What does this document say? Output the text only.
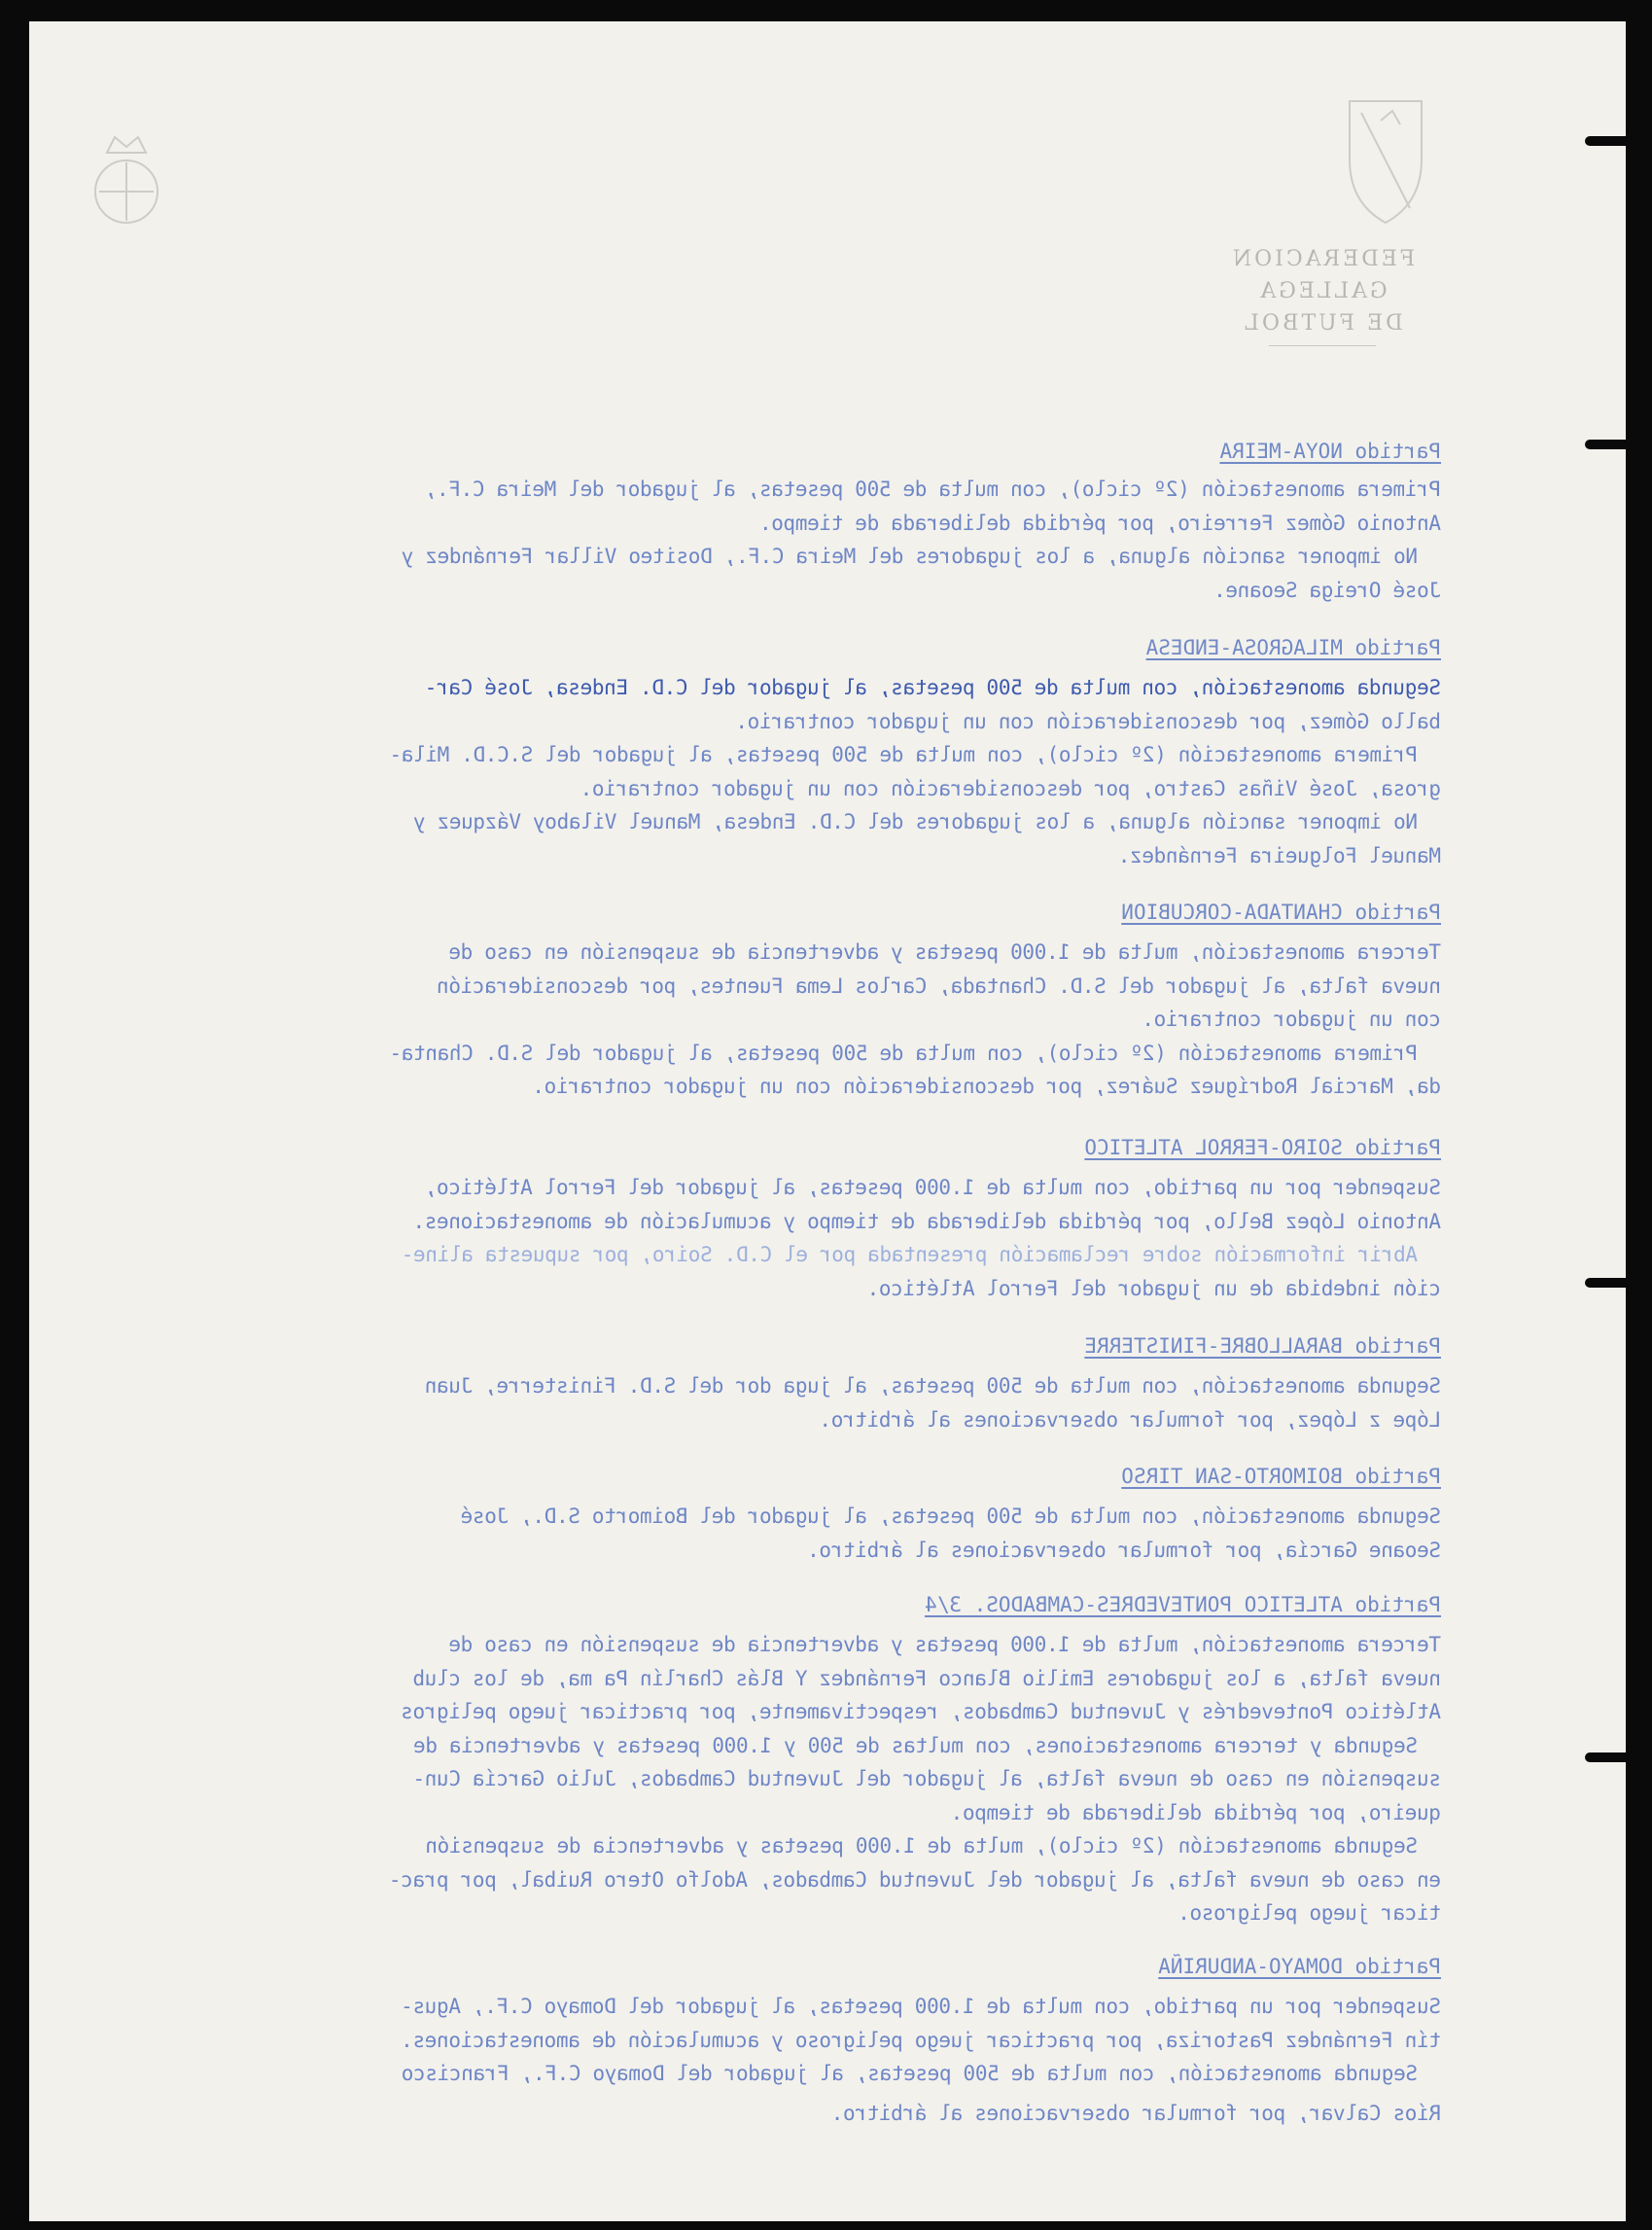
FEDERACION GALLEGA
DE FUTBOL
Partido NOYA-MEIRA
Primera amonestación (2º ciclo), con multa de 500 pesetas, al jugador del Meira C.F.,
Antonio Gómez Ferreiro, por pérdida deliberada de tiempo.
No imponer sanción alguna, a los jugadores del Meira C.F., Dositeo Villar Fernández y
José Oreiga Seoane.
Partido MILAGROSA-ENDESA
Segunda amonestación, con multa de 500 pesetas, al jugador del C.D. Endesa, José Car-
ballo Gómez, por desconsideración con un jugador contrario.
Primera amonestación (2º ciclo), con multa de 500 pesetas, al jugador del S.C.D. Mila-
grosa, José Viñas Castro, por desconsideración con un jugador contrario.
No imponer sanción alguna, a los jugadores del C.D. Endesa, Manuel Vilaboy Vázquez y
Manuel Folgueira Fernández.
Partido CHANTADA-CORCUBION
Tercera amonestación, multa de 1.000 pesetas y advertencia de suspensión en caso de
nueva falta, al jugador del S.D. Chantada, Carlos Lema Fuentes, por desconsideración
con un jugador contrario.
Primera amonestación (2º ciclo), con multa de 500 pesetas, al jugador del S.D. Chanta-
da, Marcial Rodríguez Suárez, por desconsideración con un jugador contrario.
Partido SOIRO-FERROL ATLETICO
Suspender por un partido, con multa de 1.000 pesetas, al jugador del Ferrol Atlético,
Antonio López Bello, por pérdida deliberada de tiempo y acumulación de amonestaciones.
Abrir información sobre reclamación presentada por el C.D. Soiro, por supuesta aline-
ción indebida de un jugador del Ferrol Atlético.
Partido BARALLOBRE-FINISTERRE
Segunda amonestación, con multa de 500 pesetas, al juga dor del S.D. Finisterre, Juan
Lópe z López, por formular observaciones al árbitro.
Partido BOIMORTO-SAN TIRSO
Segunda amonestación, con multa de 500 pesetas, al jugador del Boimorto S.D., José
Seoane García, por formular observaciones al árbitro.
Partido ATLETICO PONTEVEDRES-CAMBADOS. 3/4
Tercera amonestación, multa de 1.000 pesetas y advertencia de suspensión en caso de
nueva falta, a los jugadores Emilio Blanco Fernández Y Blás Charlín Pa ma, de los club
Atlético Pontevedrés y Juventud Cambados, respectivamente, por practicar juego peligros
Segunda y tercera amonestaciones, con multas de 500 y 1.000 pesetas y advertencia de
suspensión en caso de nueva falta, al jugador del Juventud Cambados, Julio García Cun-
queiro, por pérdida deliberada de tiempo.
Segunda amonestación (2º ciclo), multa de 1.000 pesetas y advertencia de suspensión
en caso de nueva falta, al jugador del Juventud Cambados, Adolfo Otero Ruibal, por prac-
ticar juego peligroso.
Partido DOMAYO-ANDURIÑA
Suspender por un partido, con multa de 1.000 pesetas, al jugador del Domayo C.F., Agus-
tín Fernández Pastoriza, por practicar juego peligroso y acumulación de amonestaciones.
Segunda amonestación, con multa de 500 pesetas, al jugador del Domayo C.F., Francisco
Ríos Calvar, por formular observaciones al árbitro.
